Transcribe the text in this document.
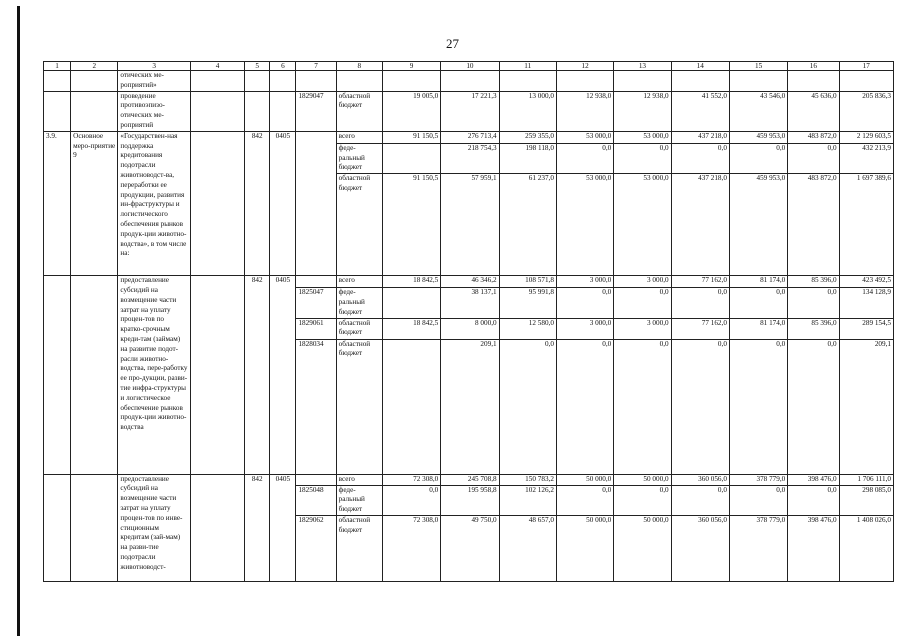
27
1	2	3	4	5	6	7	8	9	10	11	12	13	14	15	16	17
		отических ме-роприятий»														
		проведение противоэпизо-отических ме-роприятий				1829047	областной бюджет	19 005,0	17 221,3	13 000,0	12 938,0	12 938,0	41 552,0	43 546,0	45 636,0	205 836,3
3.9.	Основное меро-приятие 9	«Государствен-ная поддержка кредитования подотрасли животноводст-ва, переработки ее продукции, развития ин-фраструктуры и логистического обеспечения рынков продук-ции животно-водства», в том числе на:		842	0405		всего	91 150,5	276 713,4	259 355,0	53 000,0	53 000,0	437 218,0	459 953,0	483 872,0	2 129 603,5
							феде-ральный бюджет		218 754,3	198 118,0	0,0	0,0	0,0	0,0	0,0	432 213,9
							областной бюджет	91 150,5	57 959,1	61 237,0	53 000,0	53 000,0	437 218,0	459 953,0	483 872,0	1 697 389,6
		предоставление субсидий на возмещение части затрат на уплату процен-тов по кратко-срочным креди-там (займам) на развитие подот-расли животно-водства, пере-работку ее про-дукции, разви-тие инфра-структуры и логистическое обеспечение рынков продук-ции животно-водства		842	0405		всего	18 842,5	46 346,2	108 571,8	3 000,0	3 000,0	77 162,0	81 174,0	85 396,0	423 492,5
						1825047	феде-ральный бюджет		38 137,1	95 991,8	0,0	0,0	0,0	0,0	0,0	134 128,9
						1829061	областной бюджет	18 842,5	8 000,0	12 580,0	3 000,0	3 000,0	77 162,0	81 174,0	85 396,0	289 154,5
						1828034	областной бюджет		209,1	0,0	0,0	0,0	0,0	0,0	0,0	209,1
		предоставление субсидий на возмещение части затрат на уплату процен-тов по инве-стиционным кредитам (зай-мам) на разви-тие подотрасли животноводст-		842	0405		всего	72 308,0	245 708,8	150 783,2	50 000,0	50 000,0	360 056,0	378 779,0	398 476,0	1 706 111,0
						1825048	феде-ральный бюджет	0,0	195 958,8	102 126,2	0,0	0,0	0,0	0,0	0,0	298 085,0
						1829062	областной бюджет	72 308,0	49 750,0	48 657,0	50 000,0	50 000,0	360 056,0	378 779,0	398 476,0	1 408 026,0
